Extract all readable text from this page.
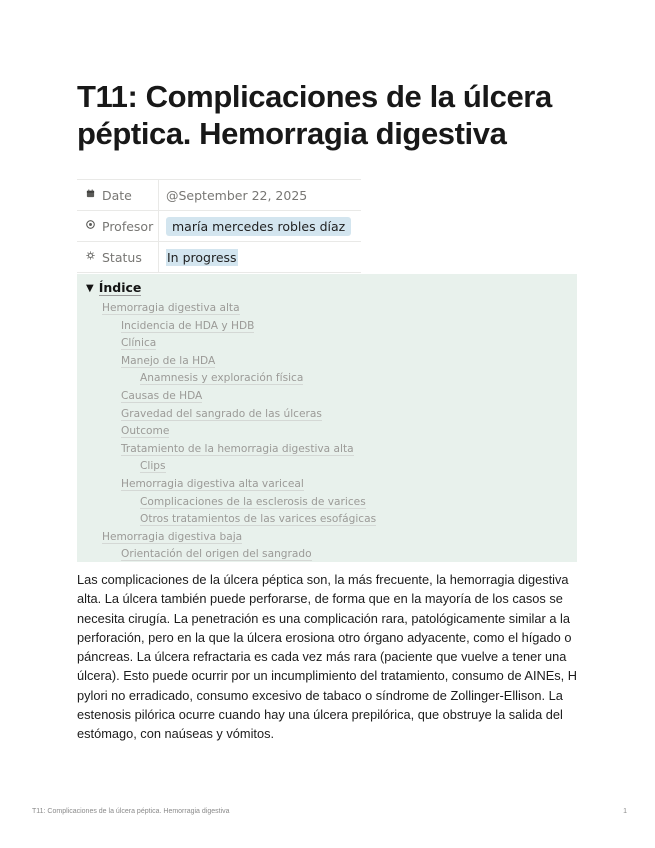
T11: Complicaciones de la úlcera péptica. Hemorragia digestiva
Date	@September 22, 2025
Profesor	maría mercedes robles díaz
Status In progress
▼ Índice
Hemorragia digestiva alta
Incidencia de HDA y HDB
Clínica
Manejo de la HDA
Anamnesis y exploración física
Causas de HDA
Gravedad del sangrado de las úlceras
Outcome
Tratamiento de la hemorragia digestiva alta
Clips
Hemorragia digestiva alta variceal
Complicaciones de la esclerosis de varices
Otros tratamientos de las varices esofágicas
Hemorragia digestiva baja
Orientación del origen del sangrado

Las complicaciones de la úlcera péptica son, la más frecuente, la hemorragia digestiva alta. La úlcera también puede perforarse, de forma que en la mayoría de los casos se necesita cirugía. La penetración es una complicación rara, patológicamente similar a la perforación, pero en la que la úlcera erosiona otro órgano adyacente, como el hígado o páncreas. La úlcera refractaria es cada vez más rara (paciente que vuelve a tener una úlcera). Esto puede ocurrir por un incumplimiento del tratamiento, consumo de AINEs, H pylori no erradicado, consumo excesivo de tabaco o síndrome de Zollinger-Ellison. La estenosis pilórica ocurre cuando hay una úlcera prepilórica, que obstruye la salida del estómago, con naúseas y vómitos.

T11: Complicaciones de la úlcera péptica. Hemorragia digestiva	1
